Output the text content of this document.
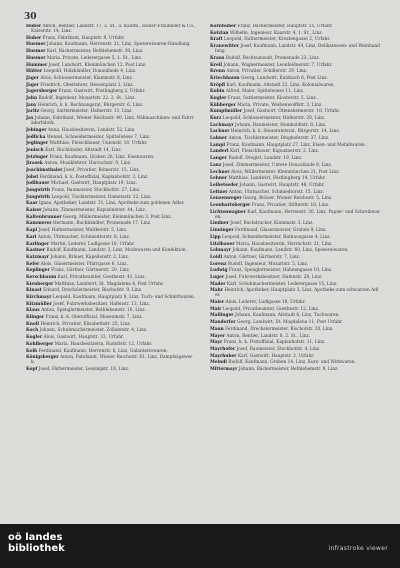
30

Huber Anton, Rentier, Landstr. 17, 2. St., u. Kaufm., Huber-Frauneder & Co., Kaiserstr. 14, Linz.

Huber Franz, Fabrikant, Hauptstr. 9, Urfahr.

Huemer Johann, Kaufmann, Herrenstr. 21, Linz, Spezereiwaren-Handlung.

Huemer Karl, Bäckermeister, Bethlehemstr. 30, Linz.

Huemer Maria, Private, Lederergasse 5, 1. St., Linz.

Hummer Josef, Landwirt, Kleinmünchen 12, Post Linz.

Hütter Leopold, Holzhändler, Donaulände 4, Linz.

Jäger Alois, Schlossermeister, Klammstr. 8, Linz.

Jäger Friedrich, Oberlehrer, Hessenplatz 3, Linz.

Jagersberger Franz, Gastwirt, Pöstlingberg 2, Urfahr.

Jahn Rudolf, Ingenieur, Mozartstr. 22, 2. St., Linz.

Jany Heinrich, k. k. Rechnungsrat, Bürgerstr. 6, Linz.

Jaritz Georg, Sattlermeister, Hafnerstr. 11, Linz.

Jax Johann, Fabrikant, Wiener Reichsstr. 40, Linz, Nähmaschinen- und Fahrräderfabrik.

Jebinger Anna, Hausbesitzerin, Landstr. 52, Linz.

Jedlicka Wenzel, Schneidermeister, Spittelwiese 7, Linz.

Jeglinger Matthias, Fleischhauer, Unionstr. 18, Urfahr.

Jenisch Karl, Buchbinder, Altstadt 14, Linz.

Jetzinger Franz, Kaufmann, Graben 26, Linz, Eisenwaren.

Jirasek Anton, Musiklehrer, Harrachstr. 9, Linz.

Joachimsthaler Josef, Privatier, Römerstr. 15, Linz.

Jobst Ferdinand, k. k. Postoffizial, Kaplanhofstr. 3, Linz.

Jodlbauer Michael, Gastwirt, Hauptplatz 19, Linz.

Jungwirth Franz, Baumeister, Stockhofstr. 27, Linz.

Jungwirth Leopold, Tischlermeister, Dametzstr. 12, Linz.

Kaar Ignaz, Apotheker, Landstr. 31, Linz, Apotheke zum goldenen Adler.

Kaiser Johann, Zimmermeister, Kapuzinerstr. 44, Linz.

Kaltenbrunner Georg, Müllermeister, Kleinmünchen 3, Post Linz.

Kammerer Hermann, Buchhändler, Promenade 17, Linz.

Kapl Josef, Hafnermeister, Waltherstr. 5, Linz.

Karl Anton, Uhrmacher, Schmiedtorstr. 8, Linz.

Karlinger Martin, Lederer, Ludlgasse 10, Urfahr.

Kastner Rudolf, Kaufmann, Landstr. 3, Linz, Modewaren und Konfektion.

Katzmayr Johann, Bräuer, Kapellenstr. 2, Linz.

Kefer Alois, Glasermeister, Pfarrgasse 6, Linz.

Keplinger Franz, Gärtner, Gärtnerstr. 20, Linz.

Kerschbaum Karl, Privatbeamter, Goethestr. 41, Linz.

Kienberger Matthias, Landwirt, St. Magdalena 4, Post Urfahr.

Kinast Eduard, Drechslermeister, Bischofstr. 9, Linz.

Kirchmayr Leopold, Kaufmann, Hauptplatz 8, Linz, Tuch- und Schnittwaren.

Kitzmüller Josef, Fuhrwerksbesitzer, Hafenstr. 13, Linz.

Klaus Anton, Spenglermeister, Bethlehemstr. 16, Linz.

Klinger Franz, k. k. Oberoffizial, Museumstr. 7, Linz.

Knoll Heinrich, Privatier, Elisabethstr. 25, Linz.

Koch Johann, Schuhmachermeister, Zollamtstr. 4, Linz.

Kogler Alois, Gastwirt, Hauptstr. 33, Urfahr.

Kohlberger Maria, Hausbesitzerin, Rudolfstr. 12, Urfahr.

Kolb Ferdinand, Kaufmann, Herrenstr. 6, Linz, Galanteriewaren.

Königsberger Anton, Fabrikant, Wiener Reichsstr. 61, Linz, Dampfsägewerk.

Kopf Josef, Färbermeister, Lessingstr. 18, Linz.

Kornhuber Franz, Bäckermeister, Hauptstr. 15, Urfahr.

Kotzian Wilhelm, Ingenieur, Kaarstr. 4, 1. St., Linz.

Kraft Leopold, Hafnermeister, Kroatengasse 2, Urfahr.

Kranewitter Josef, Kaufmann, Landstr. 44, Linz, Delikatessen- und Weinhandlung.

Kraus Rudolf, Rechtsanwalt, Promenade 23, Linz.

Kreil Johann, Wagnermeister, Leonfeldnerstr. 7, Urfahr.

Krenn Anton, Privatier, Schillerstr. 29, Linz.

Kriechbaum Georg, Landwirt, Katzbach 6, Post Linz.

Kröpfl Karl, Kaufmann, Altstadt 22, Linz, Kolonialwaren.

Kubin Alfred, Maler, Spittelwiese 11, Linz.

Kugler Franz, Sattlermeister, Klosterstr. 5, Linz.

Kühberger Maria, Private, Weißenwolffstr. 3, Linz.

Kumpfmüller Josef, Gastwirt, Ottensheimerstr. 10, Urfahr.

Kurz Leopold, Schlossermeister, Hafnerstr. 20, Linz.

Lachmayr Johann, Baumeister, Humboldtstr. 8, Linz.

Lackner Heinrich, k. k. Steueramtsrat, Bürgerstr. 14, Linz.

Lahner Anton, Tischlermeister, Dinghoferstr. 37, Linz.

Lampl Franz, Kaufmann, Hauptplatz 27, Linz, Eisen- und Metallwaren.

Landerl Karl, Fleischhauer, Kapuzinerstr. 2, Linz.

Langer Rudolf, Drogist, Landstr. 19, Linz.

Lanz Josef, Zimmermeister, Untere Donaulände 9, Linz.

Lechner Alois, Müllermeister, Kleinmünchen 21, Post Linz.

Lehner Matthias, Landwirt, Pöstlingberg 14, Urfahr.

Leibetseder Johann, Gastwirt, Hauptstr. 48, Urfahr.

Leitner Anton, Uhrmacher, Schmiedtorstr. 15, Linz.

Lenzenweger Georg, Bräuer, Wiener Reichsstr. 5, Linz.

Leonhartsberger Franz, Privatier, Stifterstr. 16, Linz.

Lichtenwagner Karl, Kaufmann, Herrenstr. 30, Linz, Papier- und Schreibwaren.

Lindner Josef, Buchdrucker, Klammstr. 3, Linz.

Linninger Ferdinand, Glasermeister, Graben 9, Linz.

Lipp Leopold, Schneidermeister, Rathausgasse 4, Linz.

Litzlbauer Maria, Hausbesitzerin, Harrachstr. 21, Linz.

Lobmayr Johann, Kaufmann, Landstr. 60, Linz, Spezereiwaren.

Loidl Anton, Gärtner, Gärtnerstr. 7, Linz.

Lorenz Rudolf, Ingenieur, Mozartstr. 5, Linz.

Ludwig Franz, Spenglermeister, Hahnengasse 10, Linz.

Luger Josef, Fuhrwerksbesitzer, Hafenstr. 28, Linz.

Mader Karl, Schuhmachermeister, Lederergasse 15, Linz.

Mahr Heinrich, Apotheker, Hauptplatz 3, Linz, Apotheke zum schwarzen Adler.

Maier Alois, Lederer, Ludlgasse 18, Urfahr.

Mair Leopold, Privatbeamter, Goethestr. 12, Linz.

Mallinger Johann, Kaufmann, Altstadt 6, Linz, Tuchwaren.

Mandorfer Georg, Landwirt, St. Magdalena 11, Post Urfahr.

Mann Ferdinand, Drechslermeister, Bischofstr. 20, Linz.

Mayer Anton, Rentier, Landstr. 8, 2. St., Linz.

Mayr Franz, k. k. Postoffizial, Kaplanhofstr. 11, Linz.

Mayrhofer Josef, Baumeister, Stockhofstr. 4, Linz.

Mayrhuber Karl, Gastwirt, Hauptstr. 2, Urfahr.

Meindl Rudolf, Kaufmann, Graben 14, Linz, Kurz- und Wirkwaren.

Mittermayr Johann, Bäckermeister, Bethlehemstr. 9, Linz.

oö landes
bibliothek	infrastroke viewer
